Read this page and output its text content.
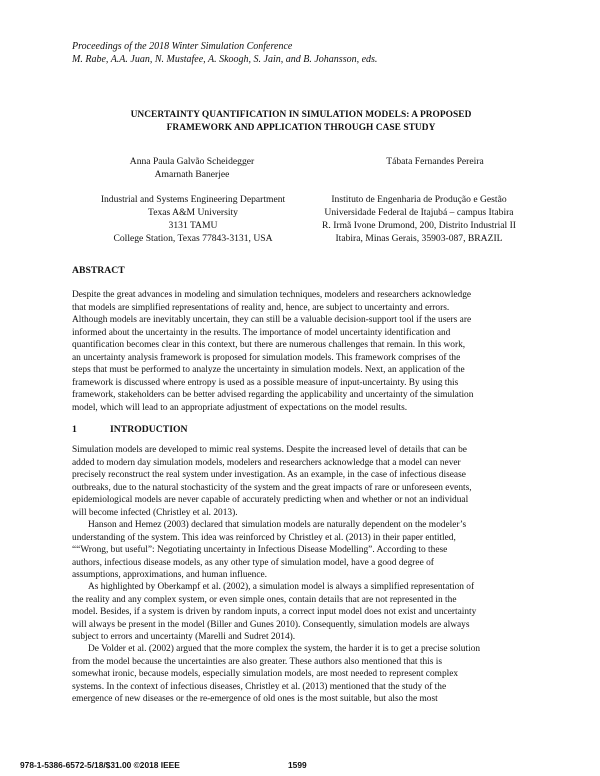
Proceedings of the 2018 Winter Simulation Conference
M. Rabe, A.A. Juan, N. Mustafee, A. Skoogh, S. Jain, and B. Johansson, eds.
UNCERTAINTY QUANTIFICATION IN SIMULATION MODELS: A PROPOSED
FRAMEWORK AND APPLICATION THROUGH CASE STUDY
Anna Paula Galvão Scheidegger
Amarnath Banerjee
Tábata Fernandes Pereira
Industrial and Systems Engineering Department
Texas A&M University
3131 TAMU
College Station, Texas 77843-3131, USA
Instituto de Engenharia de Produção e Gestão
Universidade Federal de Itajubá – campus Itabira
R. Irmã Ivone Drumond, 200, Distrito Industrial II
Itabira, Minas Gerais, 35903-087, BRAZIL
ABSTRACT
Despite the great advances in modeling and simulation techniques, modelers and researchers acknowledge
that models are simplified representations of reality and, hence, are subject to uncertainty and errors.
Although models are inevitably uncertain, they can still be a valuable decision-support tool if the users are
informed about the uncertainty in the results. The importance of model uncertainty identification and
quantification becomes clear in this context, but there are numerous challenges that remain. In this work,
an uncertainty analysis framework is proposed for simulation models. This framework comprises of the
steps that must be performed to analyze the uncertainty in simulation models. Next, an application of the
framework is discussed where entropy is used as a possible measure of input-uncertainty. By using this
framework, stakeholders can be better advised regarding the applicability and uncertainty of the simulation
model, which will lead to an appropriate adjustment of expectations on the model results.
1	INTRODUCTION
Simulation models are developed to mimic real systems. Despite the increased level of details that can be
added to modern day simulation models, modelers and researchers acknowledge that a model can never
precisely reconstruct the real system under investigation. As an example, in the case of infectious disease
outbreaks, due to the natural stochasticity of the system and the great impacts of rare or unforeseen events,
epidemiological models are never capable of accurately predicting when and whether or not an individual
will become infected (Christley et al. 2013).
Hanson and Hemez (2003) declared that simulation models are naturally dependent on the modeler’s
understanding of the system. This idea was reinforced by Christley et al. (2013) in their paper entitled,
““Wrong, but useful”: Negotiating uncertainty in Infectious Disease Modelling”. According to these
authors, infectious disease models, as any other type of simulation model, have a good degree of
assumptions, approximations, and human influence.
As highlighted by Oberkampf et al. (2002), a simulation model is always a simplified representation of
the reality and any complex system, or even simple ones, contain details that are not represented in the
model. Besides, if a system is driven by random inputs, a correct input model does not exist and uncertainty
will always be present in the model (Biller and Gunes 2010). Consequently, simulation models are always
subject to errors and uncertainty (Marelli and Sudret 2014).
De Volder et al. (2002) argued that the more complex the system, the harder it is to get a precise solution
from the model because the uncertainties are also greater. These authors also mentioned that this is
somewhat ironic, because models, especially simulation models, are most needed to represent complex
systems. In the context of infectious diseases, Christley et al. (2013) mentioned that the study of the
emergence of new diseases or the re-emergence of old ones is the most suitable, but also the most
978-1-5386-6572-5/18/$31.00 ©2018 IEEE	1599
